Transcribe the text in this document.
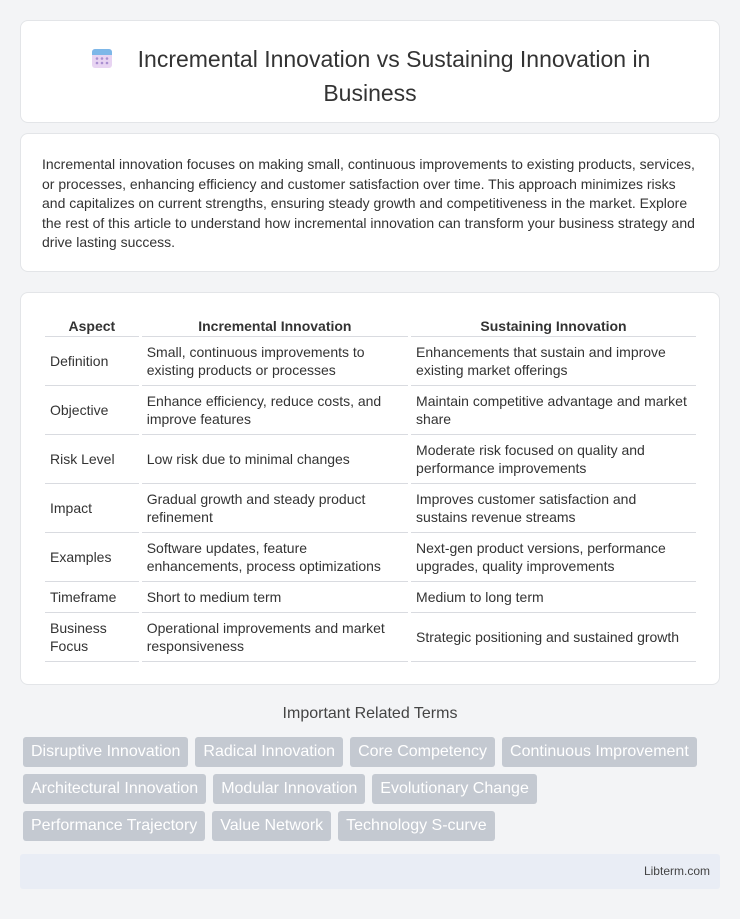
Incremental Innovation vs Sustaining Innovation in
Business

Incremental innovation focuses on making small, continuous improvements to existing products, services, or processes, enhancing efficiency and customer satisfaction over time. This approach minimizes risks and capitalizes on current strengths, ensuring steady growth and competitiveness in the market. Explore the rest of this article to understand how incremental innovation can transform your business strategy and drive lasting success.

Aspect	Incremental Innovation	Sustaining Innovation
Definition	Small, continuous improvements to existing products or processes	Enhancements that sustain and improve existing market offerings
Objective	Enhance efficiency, reduce costs, and improve features	Maintain competitive advantage and market share
Risk Level	Low risk due to minimal changes	Moderate risk focused on quality and performance improvements
Impact	Gradual growth and steady product refinement	Improves customer satisfaction and sustains revenue streams
Examples	Software updates, feature enhancements, process optimizations	Next-gen product versions, performance upgrades, quality improvements
Timeframe	Short to medium term	Medium to long term
Business Focus	Operational improvements and market responsiveness	Strategic positioning and sustained growth
Important Related Terms
Disruptive Innovation	Radical Innovation	Core Competency	Continuous Improvement
Architectural Innovation	Modular Innovation	Evolutionary Change
Performance Trajectory	Value Network	Technology S-curve
Libterm.com
